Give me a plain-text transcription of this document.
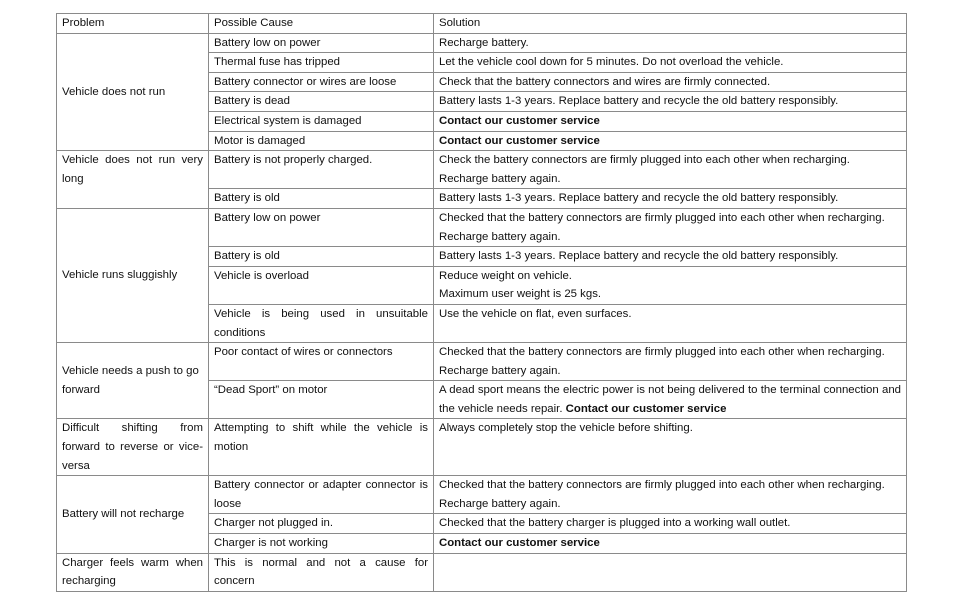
Problem	Possible Cause	Solution
Vehicle does not run	Battery low on power	Recharge battery.
	Thermal fuse has tripped	Let the vehicle cool down for 5 minutes. Do not overload the vehicle.
	Battery connector or wires are loose	Check that the battery connectors and wires are firmly connected.
	Battery is dead	Battery lasts 1-3 years. Replace battery and recycle the old battery responsibly.
	Electrical system is damaged	Contact our customer service
	Motor is damaged	Contact our customer service
Vehicle does not run very long	Battery is not properly charged.	Check the battery connectors are firmly plugged into each other when recharging.
Recharge battery again.

	Battery is old	Battery lasts 1-3 years. Replace battery and recycle the old battery responsibly.
Vehicle runs sluggishly	Battery low on power	Checked that the battery connectors are firmly plugged into each other when recharging.
Recharge battery again.

	Battery is old	Battery lasts 1-3 years. Replace battery and recycle the old battery responsibly.
	Vehicle is overload	Reduce weight on vehicle.
Maximum user weight is 25 kgs.

	Vehicle is being used in unsuitable conditions	Use the vehicle on flat, even surfaces.
Vehicle needs a push to go forward	Poor contact of wires or connectors	Checked that the battery connectors are firmly plugged into each other when recharging.
Recharge battery again.

	“Dead Sport” on motor	A dead sport means the electric power is not being delivered to the terminal connection and the vehicle needs repair. Contact our customer service
Difficult shifting from forward to reverse or vice-versa	Attempting to shift while the vehicle is motion	Always completely stop the vehicle before shifting.
Battery will not recharge	Battery connector or adapter connector is loose	Checked that the battery connectors are firmly plugged into each other when recharging.
Recharge battery again.

	Charger not plugged in.	Checked that the battery charger is plugged into a working wall outlet.
	Charger is not working	Contact our customer service
Charger feels warm when recharging	This is normal and not a cause for concern	
